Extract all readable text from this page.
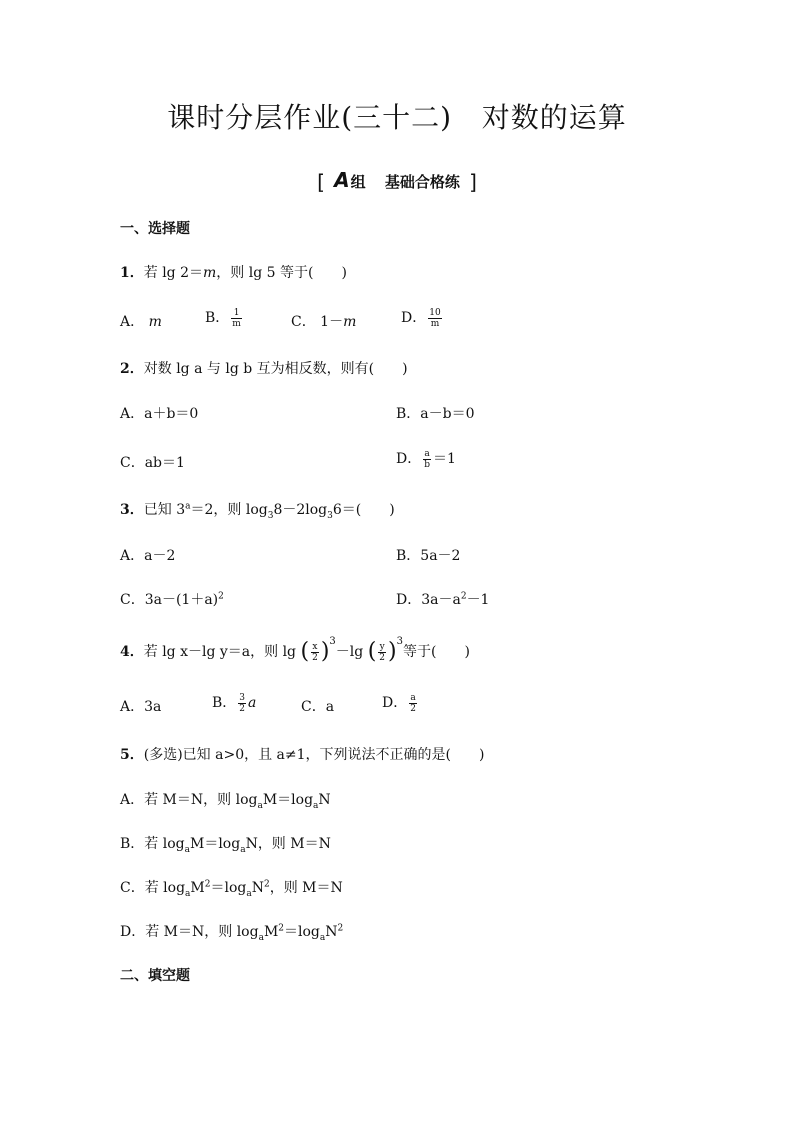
课时分层作业(三十二)   对数的运算
[ A组 基础合格练 ]
一、选择题
1．若 lg 2＝m，则 lg 5 等于(　　)
A． m	B． $\frac{1}{m}$	C． 1－m	D． $\frac{10}{m}$
2．对数 lg a 与 lg b 互为相反数，则有(　　)
A．a＋b＝0	B．a－b＝0
C．ab＝1	D． $\frac{a}{b} =1$
3．已知 $3^a=2$，则 $\log_38-2\log_36=$(　　)
A．a－2	B．5a－2
C．$3a-(1+a)^2$	D．$3a-a^2-1$
4．若 lg x－lg y＝a，则 lg ( $\frac{x}{2} )^3-\lg$ ( $\frac{y}{2} )^3$等于(　　)
A．3a	B． $\frac{3}{2}$ a	C．a	D． $\frac{a}{2}$
5．(多选)已知 a>0，且 a≠1，下列说法不正确的是(　　)
A．若 M＝N，则 $\log_aM=\log_aN$
B．若 $\log_aM=\log_aN$，则 M＝N
C．若 $\log_aM^2=\log_aN^2$，则 M＝N
D．若 M＝N，则 $\log_aM^2=\log_aN^2$
二、填空题
